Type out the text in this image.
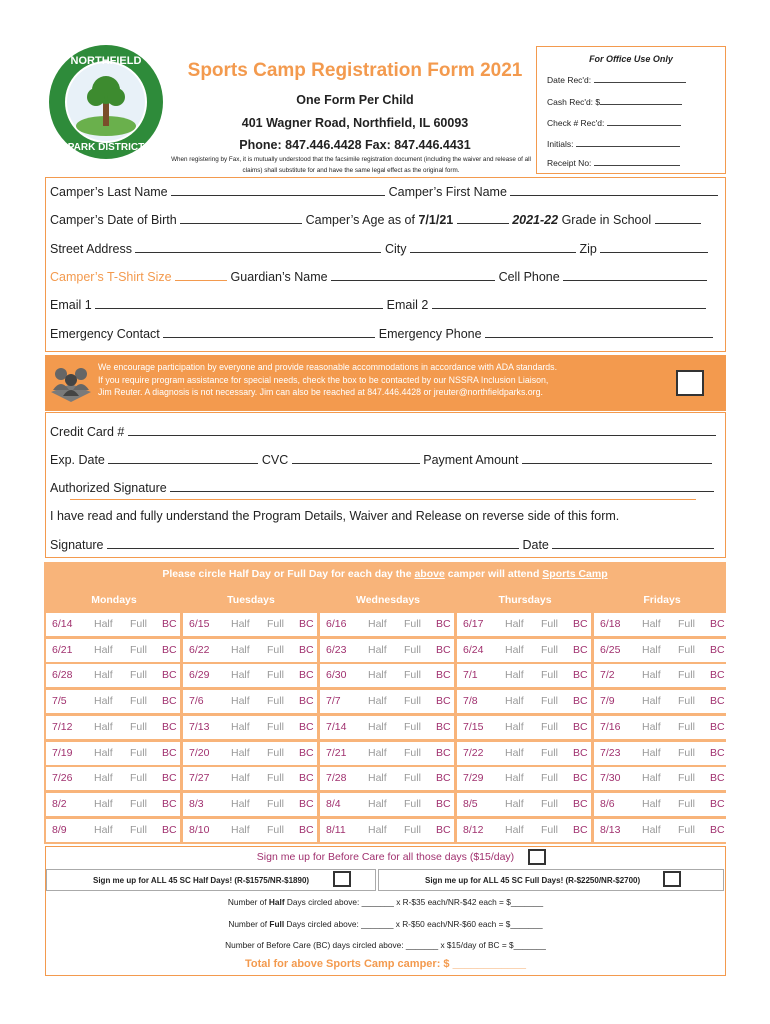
NORTHFIELD
PARK DISTRICT
Sports Camp Registration Form 2021
One Form Per Child
401 Wagner Road, Northfield, IL 60093
Phone: 847.446.4428 Fax: 847.446.4431
When registering by Fax, it is mutually understood that the facsimile registration document (including the waiver and release of all claims) shall substitute for and have the same legal effect as the original form.
For Office Use Only
Date Rec'd:
Cash Rec'd: $
Check # Rec'd:
Initials:
Receipt No:
Camper’s Last Name	Camper’s First Name
Camper’s Date of Birth	Camper’s Age as of 7/1/21	2021-22 Grade in School
Street Address	City	Zip
Camper’s T-Shirt Size	Guardian’s Name	Cell Phone
Email 1	Email 2
Emergency Contact	Emergency Phone
We encourage participation by everyone and provide reasonable accommodations in accordance with ADA standards.
If you require program assistance for special needs, check the box to be contacted by our NSSRA Inclusion Liaison,
Jim Reuter. A diagnosis is not necessary. Jim can also be reached at 847.446.4428 or jreuter@northfieldparks.org.
Credit Card #
Exp. Date	CVC	Payment Amount
Authorized Signature
I have read and fully understand the Program Details, Waiver and Release on reverse side of this form.
Signature	Date
Please circle Half Day or Full Day for each day the above camper will attend Sports Camp
Mondays	Tuesdays	Wednesdays	Thursdays	Fridays
6/14 Half Full BC 6/15 Half Full BC 6/16 Half Full BC 6/17 Half Full BC 6/18 Half Full BC
6/21 Half Full BC 6/22 Half Full BC 6/23 Half Full BC 6/24 Half Full BC 6/25 Half Full BC
6/28 Half Full BC 6/29 Half Full BC 6/30 Half Full BC 7/1	Half Full BC 7/2	Half Full BC
7/5	Half Full BC 7/6	Half Full BC 7/7	Half Full BC 7/8	Half Full BC 7/9	Half Full BC
7/12 Half Full BC 7/13 Half Full BC 7/14 Half Full BC 7/15 Half Full BC 7/16 Half Full BC
7/19 Half Full BC 7/20 Half Full BC 7/21 Half Full BC 7/22 Half Full BC 7/23 Half Full BC
7/26 Half Full BC 7/27 Half Full BC 7/28 Half Full BC 7/29 Half Full BC 7/30 Half Full BC
8/2	Half Full BC 8/3	Half Full BC 8/4	Half Full BC 8/5	Half Full BC 8/6	Half Full BC
8/9	Half Full BC 8/10 Half Full BC 8/11 Half Full BC 8/12 Half Full BC 8/13 Half Full BC
Sign me up for Before Care for all those days ($15/day)
Sign me up for ALL 45 SC Half Days! (R-$1575/NR-$1890)	Sign me up for ALL 45 SC Full Days! (R-$2250/NR-$2700)
Number of Half Days circled above: _______ x R-$35 each/NR-$42 each = $_______
Number of Full Days circled above: _______ x R-$50 each/NR-$60 each = $_______
Number of Before Care (BC) days circled above: _______ x $15/day of BC = $_______
Total for above Sports Camp camper: $ ____________
